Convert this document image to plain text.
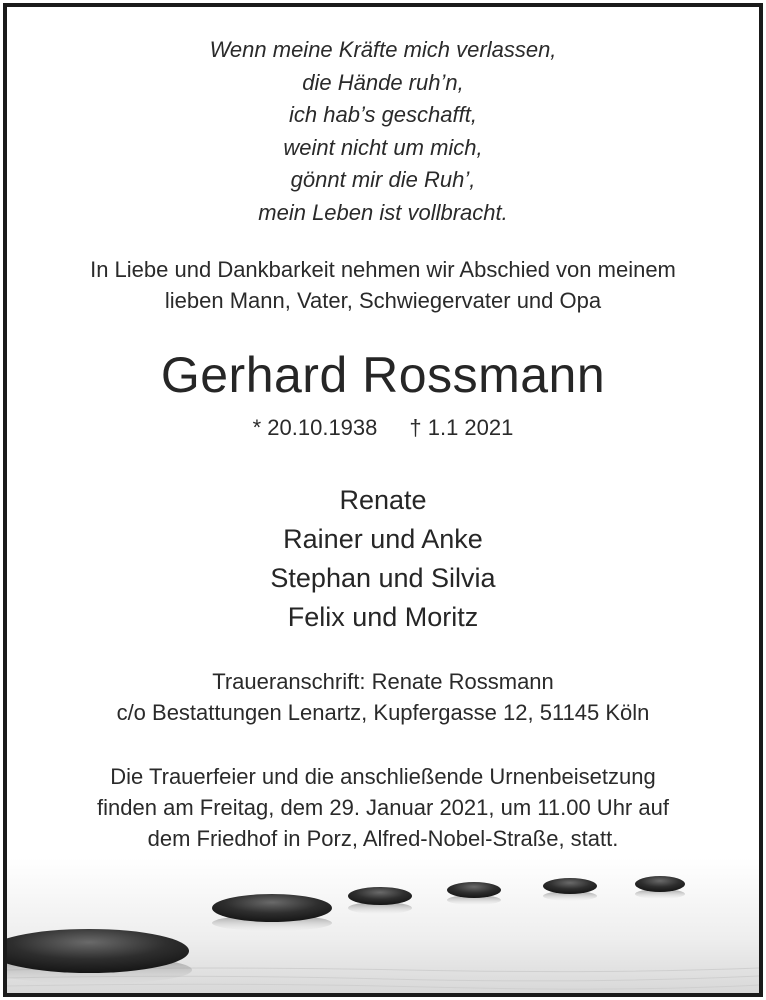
Wenn meine Kräfte mich verlassen,
die Hände ruh’n,
ich hab’s geschafft,
weint nicht um mich,
gönnt mir die Ruh’,
mein Leben ist vollbracht.
In Liebe und Dankbarkeit nehmen wir Abschied von meinem
lieben Mann, Vater, Schwiegervater und Opa
Gerhard Rossmann
* 20.10.1938 † 1.1 2021
Renate
Rainer und Anke
Stephan und Silvia
Felix und Moritz
Traueranschrift: Renate Rossmann
c/o Bestattungen Lenartz, Kupfergasse 12, 51145 Köln
Die Trauerfeier und die anschließende Urnenbeisetzung
finden am Freitag, dem 29. Januar 2021, um 11.00 Uhr auf
dem Friedhof in Porz, Alfred-Nobel-Straße, statt.
